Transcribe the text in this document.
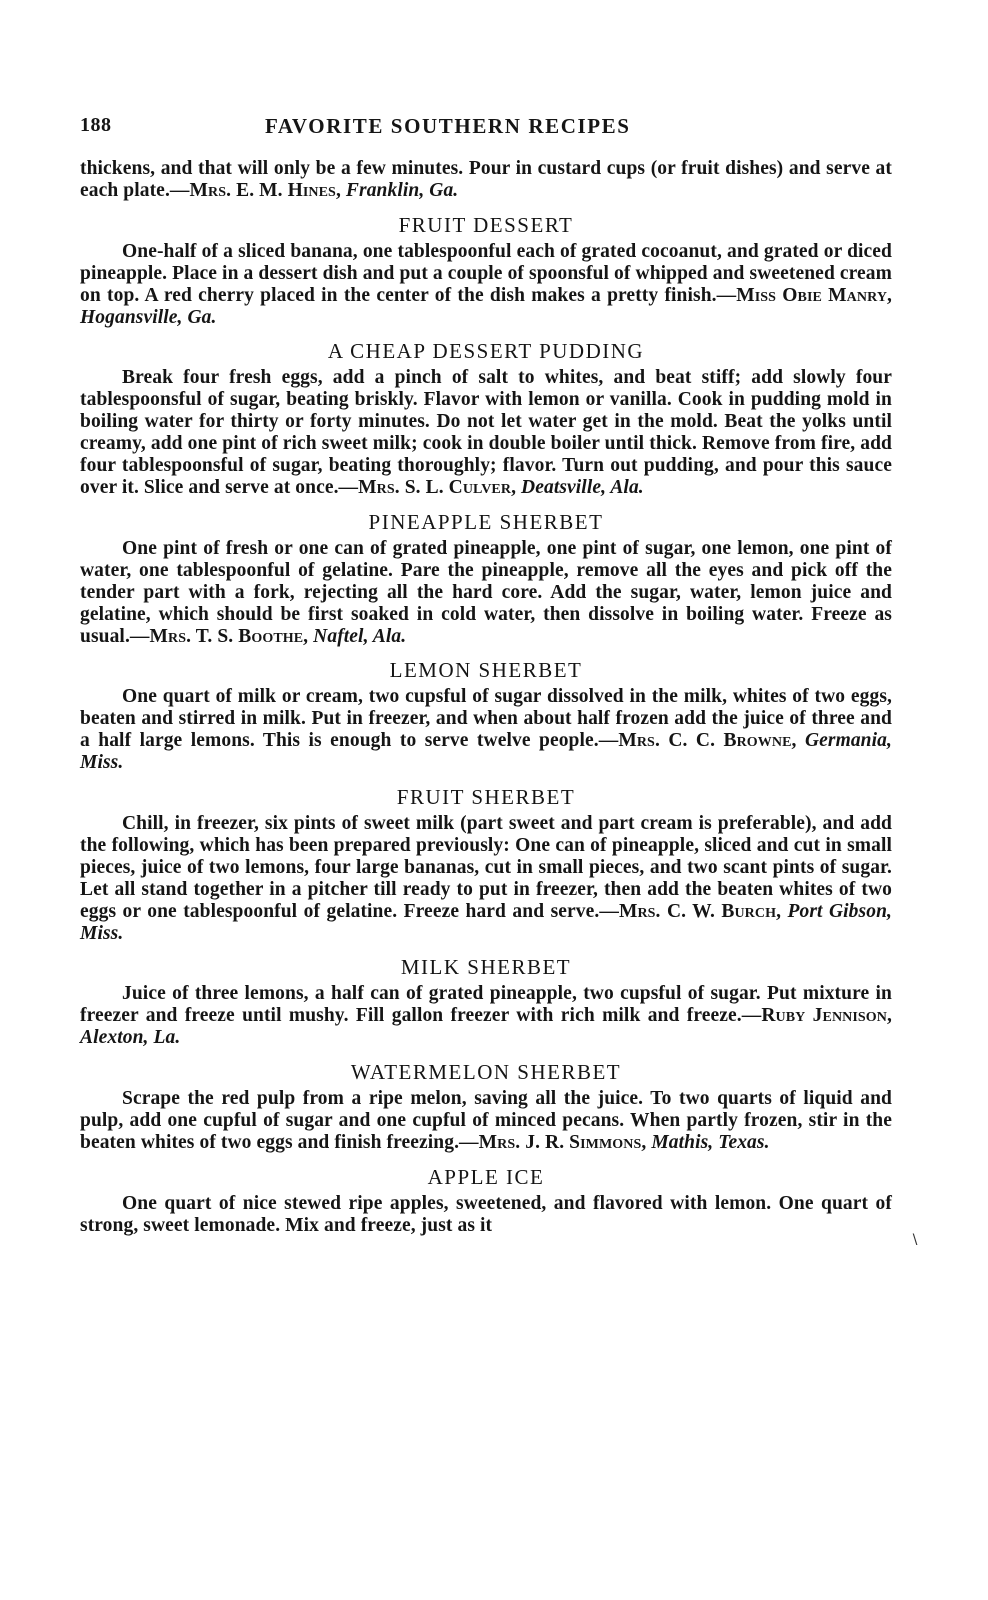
188	FAVORITE SOUTHERN RECIPES

thickens, and that will only be a few minutes. Pour in custard cups (or fruit dishes) and serve at each plate.—Mrs. E. M. Hines, Franklin, Ga.

FRUIT DESSERT

One-half of a sliced banana, one tablespoonful each of grated cocoanut, and grated or diced pineapple. Place in a dessert dish and put a couple of spoonsful of whipped and sweetened cream on top. A red cherry placed in the center of the dish makes a pretty finish.—Miss Obie Manry, Hogansville, Ga.

A CHEAP DESSERT PUDDING

Break four fresh eggs, add a pinch of salt to whites, and beat stiff; add slowly four tablespoonsful of sugar, beating briskly. Flavor with lemon or vanilla. Cook in pudding mold in boiling water for thirty or forty minutes. Do not let water get in the mold. Beat the yolks until creamy, add one pint of rich sweet milk; cook in double boiler until thick. Remove from fire, add four tablespoonsful of sugar, beating thoroughly; flavor. Turn out pudding, and pour this sauce over it. Slice and serve at once.—Mrs. S. L. Culver, Deatsville, Ala.

PINEAPPLE SHERBET

One pint of fresh or one can of grated pineapple, one pint of sugar, one lemon, one pint of water, one tablespoonful of gelatine. Pare the pineapple, remove all the eyes and pick off the tender part with a fork, rejecting all the hard core. Add the sugar, water, lemon juice and gelatine, which should be first soaked in cold water, then dissolve in boiling water. Freeze as usual.—Mrs. T. S. Boothe, Naftel, Ala.

LEMON SHERBET

One quart of milk or cream, two cupsful of sugar dissolved in the milk, whites of two eggs, beaten and stirred in milk. Put in freezer, and when about half frozen add the juice of three and a half large lemons. This is enough to serve twelve people.—Mrs. C. C. Browne, Germania, Miss.

FRUIT SHERBET

Chill, in freezer, six pints of sweet milk (part sweet and part cream is preferable), and add the following, which has been prepared previously: One can of pineapple, sliced and cut in small pieces, juice of two lemons, four large bananas, cut in small pieces, and two scant pints of sugar. Let all stand together in a pitcher till ready to put in freezer, then add the beaten whites of two eggs or one tablespoonful of gelatine. Freeze hard and serve.—Mrs. C. W. Burch, Port Gibson, Miss.

MILK SHERBET

Juice of three lemons, a half can of grated pineapple, two cupsful of sugar. Put mixture in freezer and freeze until mushy. Fill gallon freezer with rich milk and freeze.—Ruby Jennison, Alexton, La.

WATERMELON SHERBET

Scrape the red pulp from a ripe melon, saving all the juice. To two quarts of liquid and pulp, add one cupful of sugar and one cupful of minced pecans. When partly frozen, stir in the beaten whites of two eggs and finish freezing.—Mrs. J. R. Simmons, Mathis, Texas.

APPLE ICE

One quart of nice stewed ripe apples, sweetened, and flavored with lemon. One quart of strong, sweet lemonade. Mix and freeze, just as it

∖
